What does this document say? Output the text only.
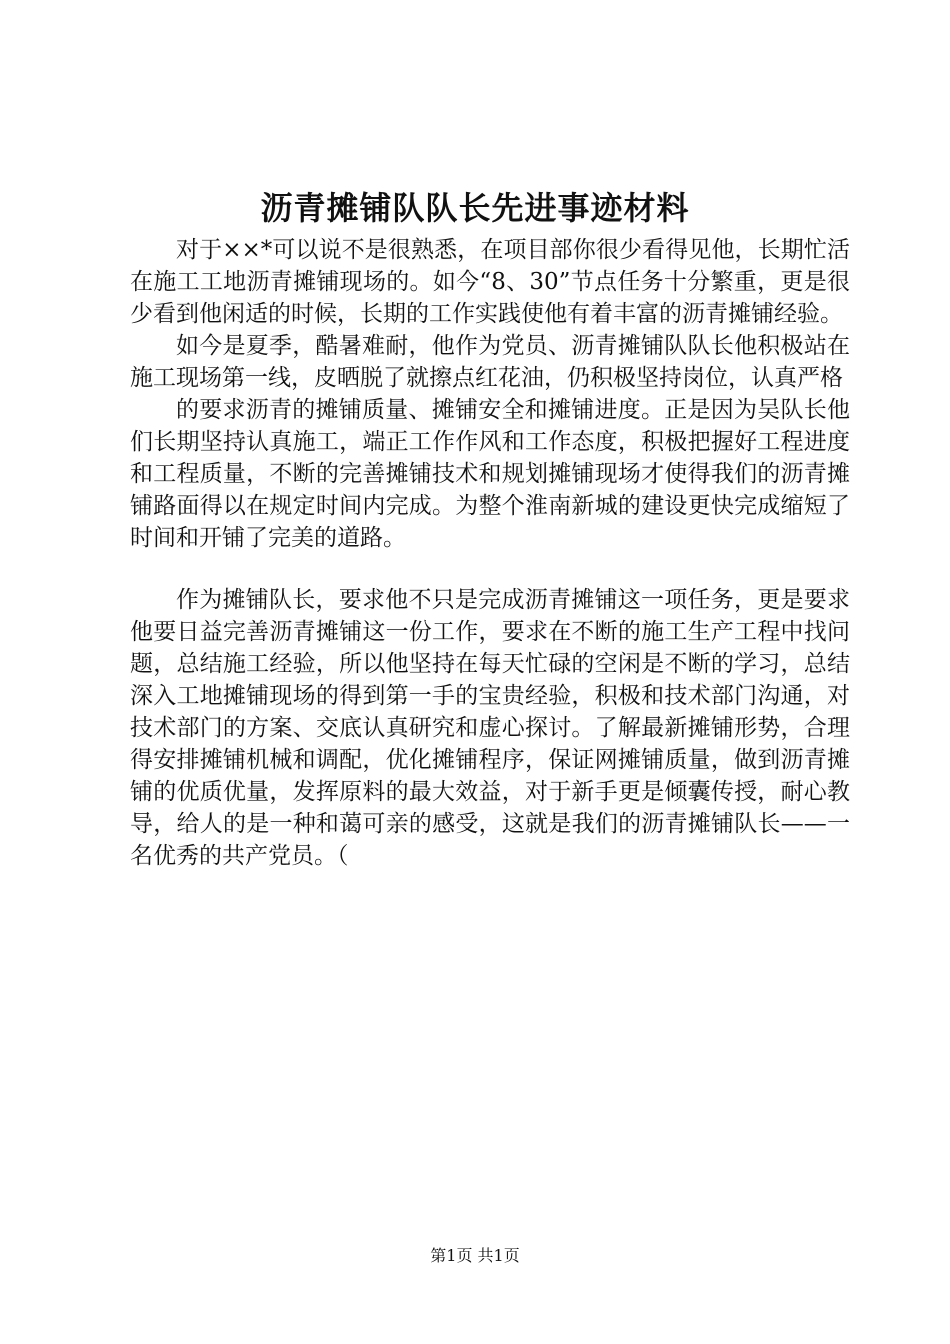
沥青摊铺队队长先进事迹材料

对于××*可以说不是很熟悉，在项目部你很少看得见他，长期忙活在施工工地沥青摊铺现场的。如今“8、30”节点任务十分繁重，更是很少看到他闲适的时候，长期的工作实践使他有着丰富的沥青摊铺经验。

如今是夏季，酷暑难耐，他作为党员、沥青摊铺队队长他积极站在施工现场第一线，皮晒脱了就擦点红花油，仍积极坚持岗位，认真严格

的要求沥青的摊铺质量、摊铺安全和摊铺进度。正是因为吴队长他们长期坚持认真施工，端正工作作风和工作态度，积极把握好工程进度和工程质量，不断的完善摊铺技术和规划摊铺现场才使得我们的沥青摊铺路面得以在规定时间内完成。为整个淮南新城的建设更快完成缩短了时间和开铺了完美的道路。

作为摊铺队长，要求他不只是完成沥青摊铺这一项任务，更是要求他要日益完善沥青摊铺这一份工作，要求在不断的施工生产工程中找问题，总结施工经验，所以他坚持在每天忙碌的空闲是不断的学习，总结深入工地摊铺现场的得到第一手的宝贵经验，积极和技术部门沟通，对技术部门的方案、交底认真研究和虚心探讨。了解最新摊铺形势，合理得安排摊铺机械和调配，优化摊铺程序，保证网摊铺质量，做到沥青摊铺的优质优量，发挥原料的最大效益，对于新手更是倾囊传授，耐心教导，给人的是一种和蔼可亲的感受，这就是我们的沥青摊铺队长——一名优秀的共产党员。（

第1页 共1页
